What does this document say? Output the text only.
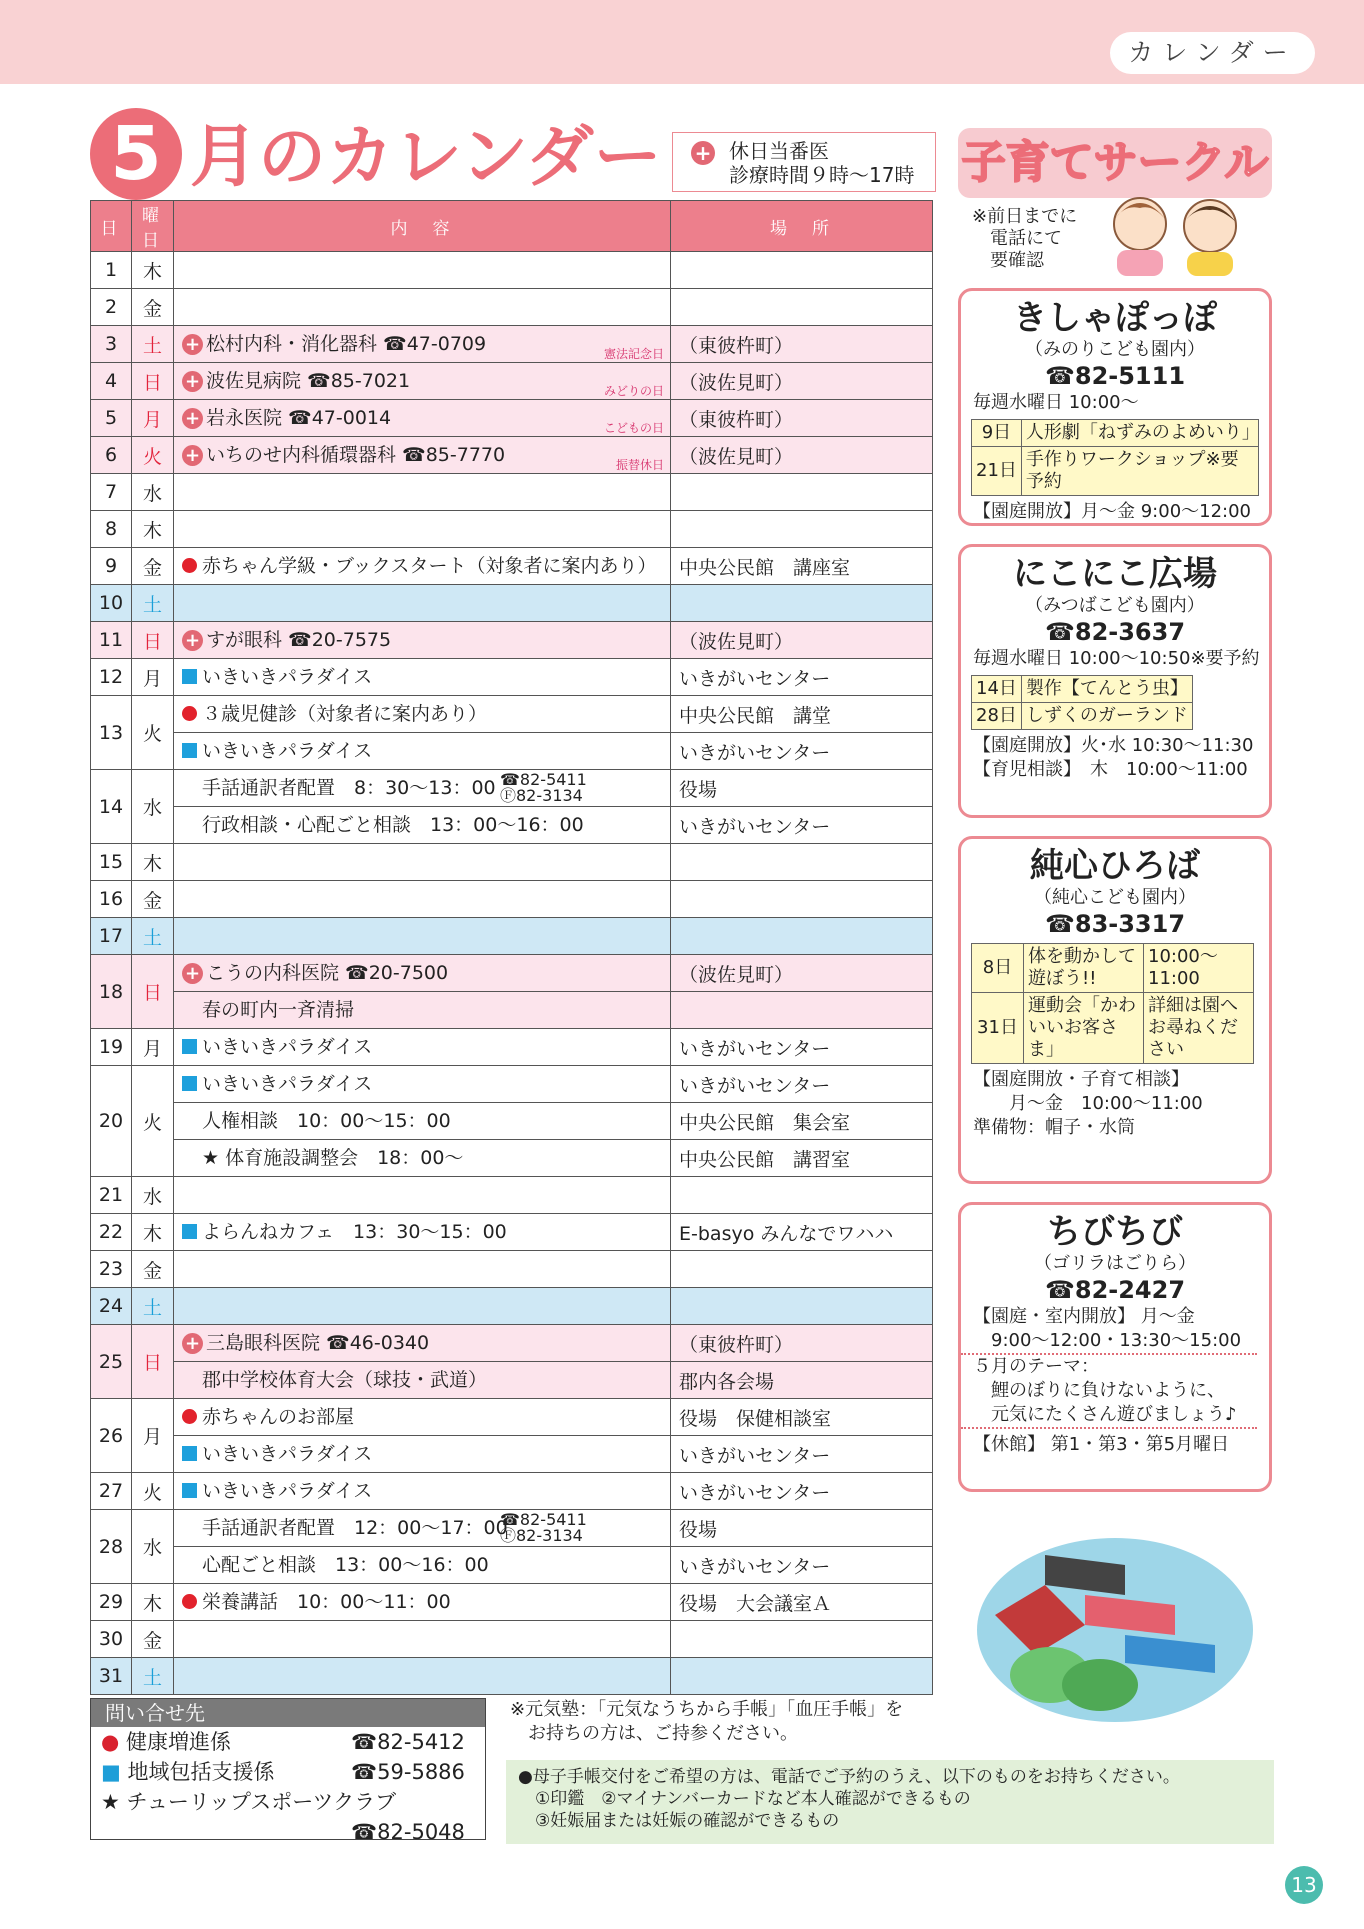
カレンダー
5 月のカレンダー + 休日当番医
診療時間９時〜17時
日	曜日	内　容	場　所
1	木	

2	金	

3	土	+ 松村内科・消化器科 ☎47-0709 憲法記念日	（東彼杵町）
4	日	+ 波佐見病院 ☎85-7021 みどりの日	（波佐見町）
5	月	+ 岩永医院 ☎47-0014 こどもの日	（東彼杵町）
6	火	+ いちのせ内科循環器科 ☎85-7770 振替休日	（波佐見町）
7	水	

8	木	

9	金	赤ちゃん学級・ブックスタート（対象者に案内あり）	中央公民館　講座室
10	土	

11	日	+ すが眼科 ☎20-7575	（波佐見町）
12	月	いきいきパラダイス	いきがいセンター
13	火	３歳児健診（対象者に案内あり）	中央公民館　講堂

		いきいきパラダイス	いきがいセンター
14	水	手話通訳者配置　8：30〜13：00 ☎82-5411
Ⓕ82-3134	役場

		行政相談・心配ごと相談　13：00〜16：00	いきがいセンター
15	木	

16	金	

17	土	

18	日	+ こうの内科医院 ☎20-7500	（波佐見町）

		春の町内一斉清掃	

19	月	いきいきパラダイス	いきがいセンター
20	火	いきいきパラダイス	いきがいセンター

		人権相談　10：00〜15：00	中央公民館　集会室

		★ 体育施設調整会　18：00〜	中央公民館　講習室
21	水	

22	木	よらんねカフェ　13：30〜15：00	E-basyo みんなでワハハ
23	金	

24	土	

25	日	+ 三島眼科医院 ☎46-0340	（東彼杵町）

		郡中学校体育大会（球技・武道）	郡内各会場
26	月	赤ちゃんのお部屋	役場　保健相談室

		いきいきパラダイス	いきがいセンター
27	火	いきいきパラダイス	いきがいセンター
28	水	手話通訳者配置　12：00〜17：00
☎82-5411
Ⓕ82-3134	役場

		心配ごと相談　13：00〜16：00	いきがいセンター
29	木	栄養講話　10：00〜11：00	役場　大会議室Ａ
30	金	

31	土	

子育てサークル
※前日までに
　電話にて
　要確認
きしゃぽっぽ
（みのりこども園内）
☎82-5111
毎週水曜日 10:00〜
9日	人形劇「ねずみのよめいり」
21日	手作りワークショップ※要予約
【園庭開放】月〜金 9:00〜12:00
にこにこ広場
（みつばこども園内）
☎82-3637
毎週水曜日 10:00〜10:50※要予約
14日	製作【てんとう虫】
28日	しずくのガーランド
【園庭開放】火･水 10:30〜11:30
【育児相談】　木　10:00〜11:00
純心ひろば
（純心こども園内）
☎83-3317
8日	体を動かして遊ぼう!!	10:00〜11:00
31日	運動会「かわいいお客さま」	詳細は園へお尋ねください
【園庭開放・子育て相談】
　　月〜金　10:00〜11:00
準備物：帽子・水筒
ちびちび
（ゴリラはごりら）
☎82-2427
【園庭・室内開放】 月〜金
　9:00〜12:00・13:30〜15:00
５月のテーマ：
　鯉のぼりに負けないように、
　元気にたくさん遊びましょう♪
【休館】 第1・第3・第5月曜日
問い合せ先
● 健康増進係	☎82-5412
■ 地域包括支援係	☎59-5886
★ チューリップスポーツクラブ
☎82-5048

※元気塾：「元気なうちから手帳」「血圧手帳」を
　お持ちの方は、ご持参ください。
●母子手帳交付をご希望の方は、電話でご予約のうえ、以下のものをお持ちください。
　①印鑑　②マイナンバーカードなど本人確認ができるもの
　③妊娠届または妊娠の確認ができるもの
13
